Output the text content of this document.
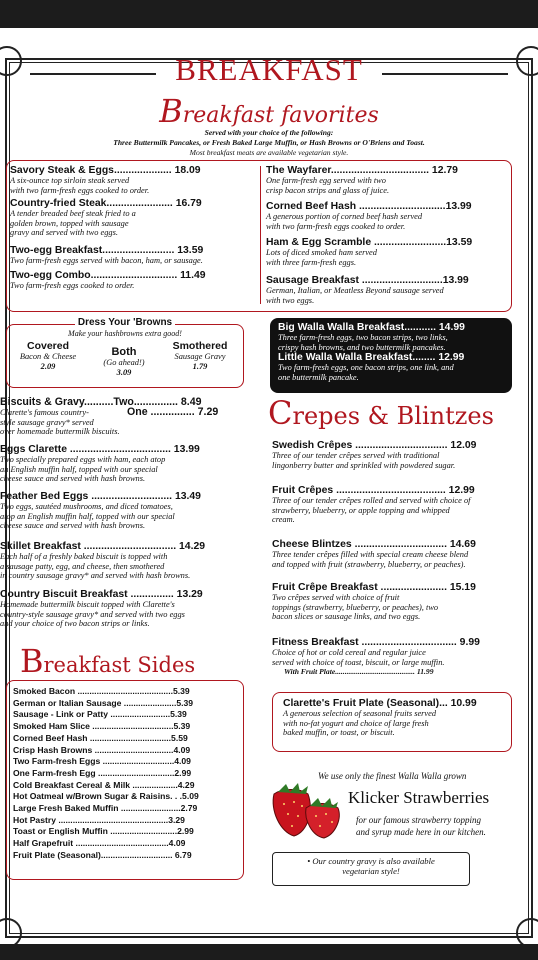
BREAKFAST
Breakfast favorites
Served with your choice of the following:
Three Buttermilk Pancakes, or Fresh Baked Large Muffin, or Hash Browns or O'Briens and Toast.
Most breakfast meats are available vegetarian style.
Savory Steak & Eggs.................... 18.09
A six-ounce top sirloin steak served
with two farm-fresh eggs cooked to order.
Country-fried Steak....................... 16.79
A tender breaded beef steak fried to a
golden brown, topped with sausage
gravy and served with two eggs.
Two-egg Breakfast......................... 13.59
Two farm-fresh eggs served with bacon, ham, or sausage.
Two-egg Combo.............................. 11.49
Two farm-fresh eggs cooked to order.
The Wayfarer.................................. 12.79
One farm-fresh egg served with two
crisp bacon strips and glass of juice.
Corned Beef Hash ..............................13.99
A generous portion of corned beef hash served
with two farm-fresh eggs cooked to order.
Ham & Egg Scramble .........................13.59
Lots of diced smoked ham served
with three farm-fresh eggs.
Sausage Breakfast ............................13.99
German, Italian, or Meatless Beyond sausage served
with two eggs.
Dress Your 'Browns
Make your hashbrowns extra good!
Covered
Bacon & Cheese
2.09
Both
(Go ahead!)
3.09
Smothered
Sausage Gravy
1.79
Big Walla Walla Breakfast........... 14.99
Three farm-fresh eggs, two bacon strips, two links,
crispy hash browns, and two buttermilk pancakes.
Little Walla Walla Breakfast........ 12.99
Two farm-fresh eggs, one bacon strips, one link, and
one buttermilk pancake.
Biscuits & Gravy..........Two............... 8.49
One ............... 7.29
Clarette's famous country-
style sausage gravy* served
over homemade buttermilk biscuits.
Eggs Clarette ................................... 13.99
Two specially prepared eggs with ham, each atop
an English muffin half, topped with our special
cheese sauce and served with hash browns.
Feather Bed Eggs ............................ 13.49
Two eggs, sautéed mushrooms, and diced tomatoes,
atop an English muffin half, topped with our special
cheese sauce and served with hash browns.
Skillet Breakfast ................................ 14.29
Each half of a freshly baked biscuit is topped with
a sausage patty, egg, and cheese, then smothered
in country sausage gravy* and served with hash browns.
Country Biscuit Breakfast ............... 13.29
Homemade buttermilk biscuit topped with Clarette's
country-style sausage gravy* and served with two eggs
and your choice of two bacon strips or links.
Crepes & Blintzes
Swedish Crêpes ................................ 12.09
Three of our tender crêpes served with traditional
lingonberry butter and sprinkled with powdered sugar.
Fruit Crêpes ...................................... 12.99
Three of our tender crêpes rolled and served with choice of
strawberry, blueberry, or apple topping and whipped
cream.
Cheese Blintzes ................................ 14.69
Three tender crêpes filled with special cream cheese blend
and topped with fruit (strawberry, blueberry, or peaches).
Fruit Crêpe Breakfast ....................... 15.19
Two crêpes served with choice of fruit
toppings (strawberry, blueberry, or peaches), two
bacon slices or sausage links, and two eggs.
Fitness Breakfast ................................. 9.99
Choice of hot or cold cereal and regular juice
served with choice of toast, biscuit, or large muffin.
With Fruit Plate.......................................... 11.99
Clarette's Fruit Plate (Seasonal)... 10.99
A generous selection of seasonal fruits served
with no-fat yogurt and choice of large fresh
baked muffin, or toast, or biscuit.
Breakfast Sides
Smoked Bacon ........................................5.39
German or Italian Sausage ......................5.39
Sausage - Link or Patty .........................5.39
Smoked Ham Slice ..................................5.39
Corned Beef Hash ..................................5.59
Crisp Hash Browns .................................4.09
Two Farm-fresh Eggs ..............................4.09
One Farm-fresh Egg ................................2.99
Cold Breakfast Cereal & Milk ...................4.29
Hot Oatmeal w/Brown Sugar & Raisins. . .5.09
Large Fresh Baked Muffin .........................2.79
Hot Pastry ..............................................3.29
Toast or English Muffin ............................2.99
Half Grapefruit .......................................4.09
Fruit Plate (Seasonal).............................. 6.79
We use only the finest Walla Walla grown
Klicker Strawberries
for our famous strawberry topping
and syrup made here in our kitchen.
• Our country gravy is also available
vegetarian style!
